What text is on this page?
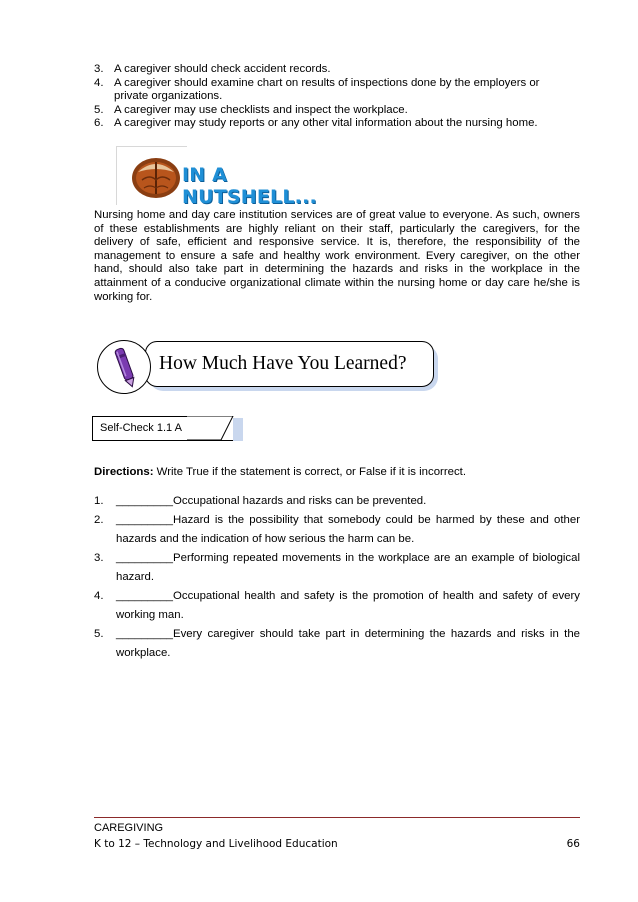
3. A caregiver should check accident records.
4. A caregiver should examine chart on results of inspections done by the employers or private organizations.
5. A caregiver may use checklists and inspect the workplace.
6. A caregiver may study reports or any other vital information about the nursing home.
IN A NUTSHELL...
Nursing home and day care institution services are of great value to everyone. As such, owners of these establishments are highly reliant on their staff, particularly the caregivers, for the delivery of safe, efficient and responsive service. It is, therefore, the responsibility of the management to ensure a safe and healthy work environment. Every caregiver, on the other hand, should also take part in determining the hazards and risks in the workplace in the attainment of a conducive organizational climate within the nursing home or day care he/she is working for.
How Much Have You Learned?
Self-Check 1.1 A
Directions: Write True if the statement is correct, or False if it is incorrect.
1.	_________Occupational hazards and risks can be prevented.
2.	_________Hazard is the possibility that somebody could be harmed by these and other hazards and the indication of how serious the harm can be.
3.	_________Performing repeated movements in the workplace are an example of biological hazard.
4.	_________Occupational health and safety is the promotion of health and safety of every working man.
5.	_________Every caregiver should take part in determining the hazards and risks in the workplace.
CAREGIVING
K to 12 – Technology and Livelihood Education	66
